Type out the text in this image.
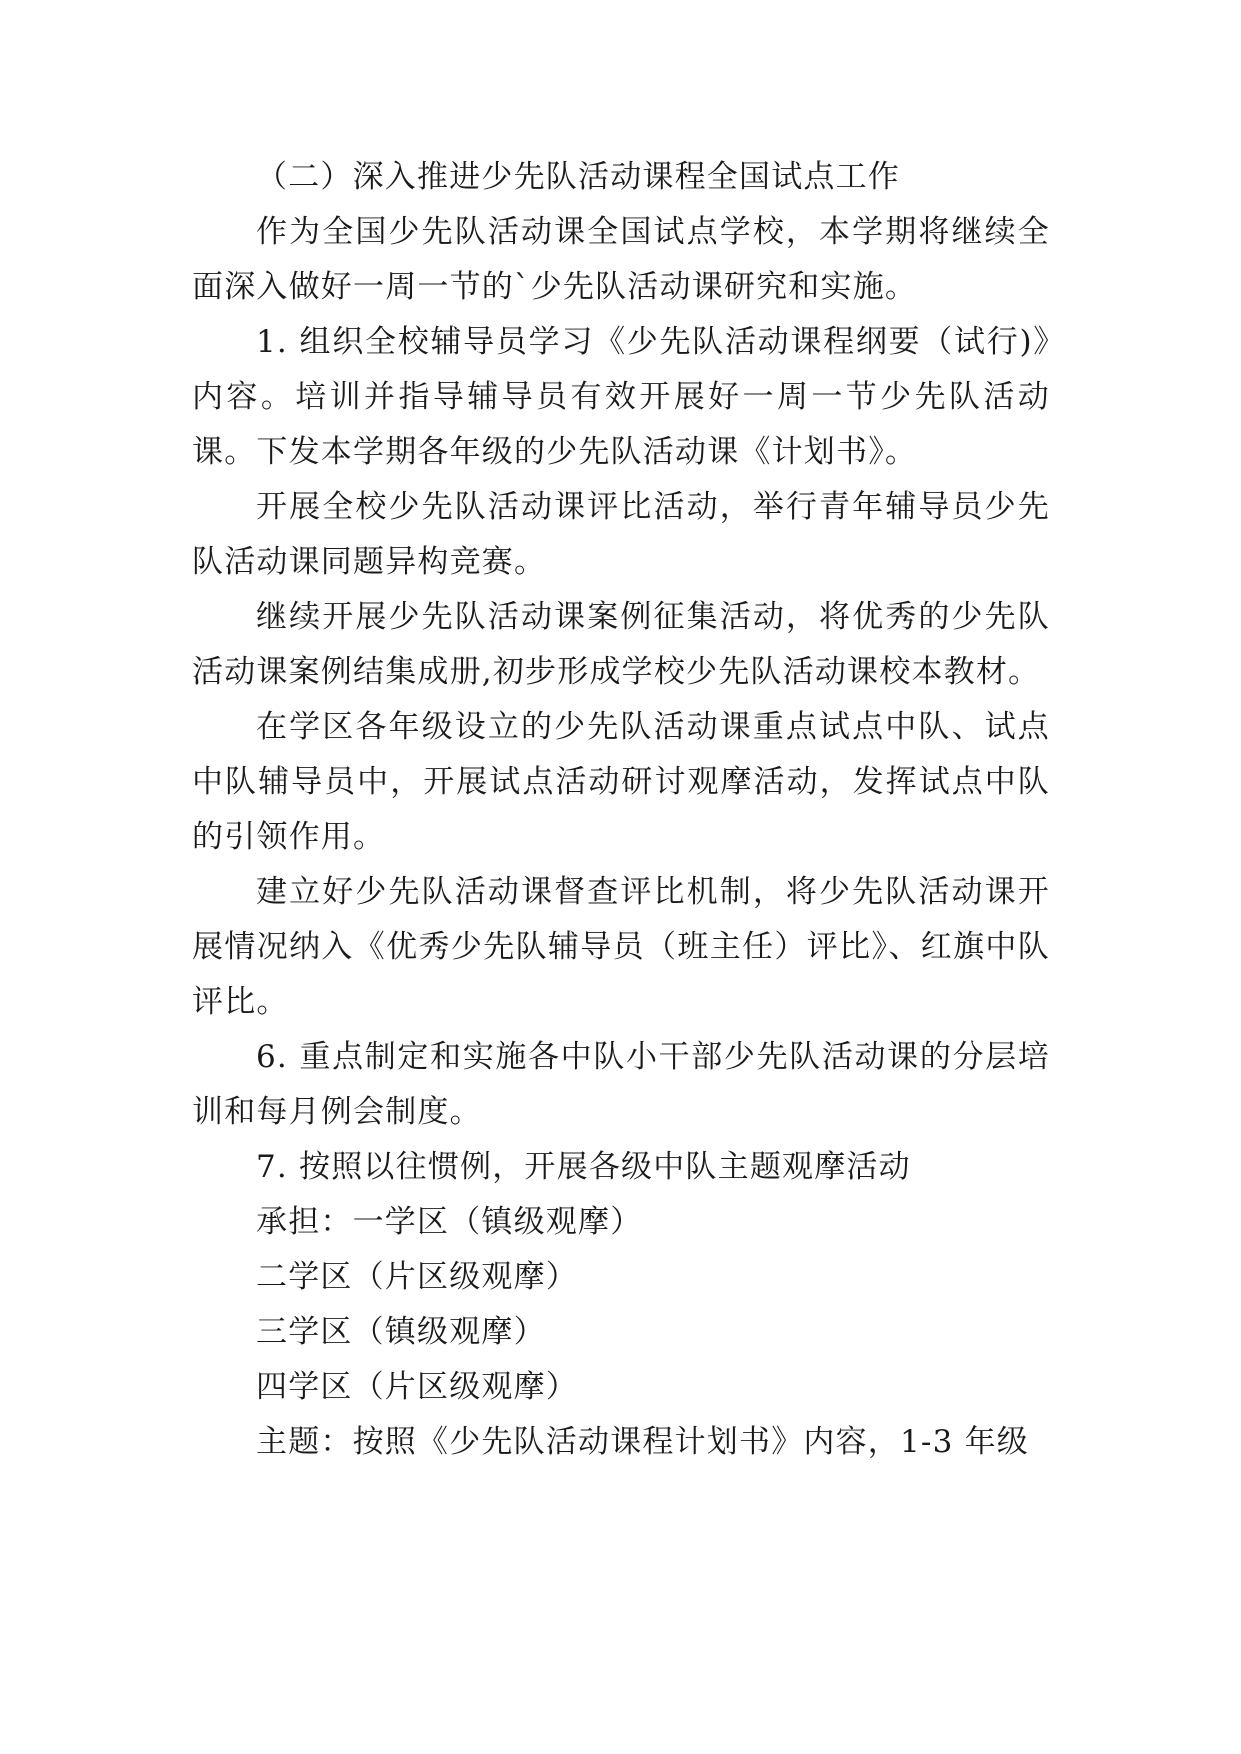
（二）深入推进少先队活动课程全国试点工作

作为全国少先队活动课全国试点学校，本学期将继续全面深入做好一周一节的`少先队活动课研究和实施。

1. 组织全校辅导员学习《少先队活动课程纲要（试行)》内容。培训并指导辅导员有效开展好一周一节少先队活动课。下发本学期各年级的少先队活动课《计划书》。

开展全校少先队活动课评比活动，举行青年辅导员少先队活动课同题异构竞赛。

继续开展少先队活动课案例征集活动，将优秀的少先队活动课案例结集成册,初步形成学校少先队活动课校本教材。

在学区各年级设立的少先队活动课重点试点中队、试点中队辅导员中，开展试点活动研讨观摩活动，发挥试点中队的引领作用。

建立好少先队活动课督查评比机制，将少先队活动课开展情况纳入《优秀少先队辅导员（班主任）评比》、红旗中队评比。

6. 重点制定和实施各中队小干部少先队活动课的分层培训和每月例会制度。

7. 按照以往惯例，开展各级中队主题观摩活动

承担：一学区（镇级观摩）

二学区（片区级观摩）

三学区（镇级观摩）

四学区（片区级观摩）

主题：按照《少先队活动课程计划书》内容，1-3 年级
